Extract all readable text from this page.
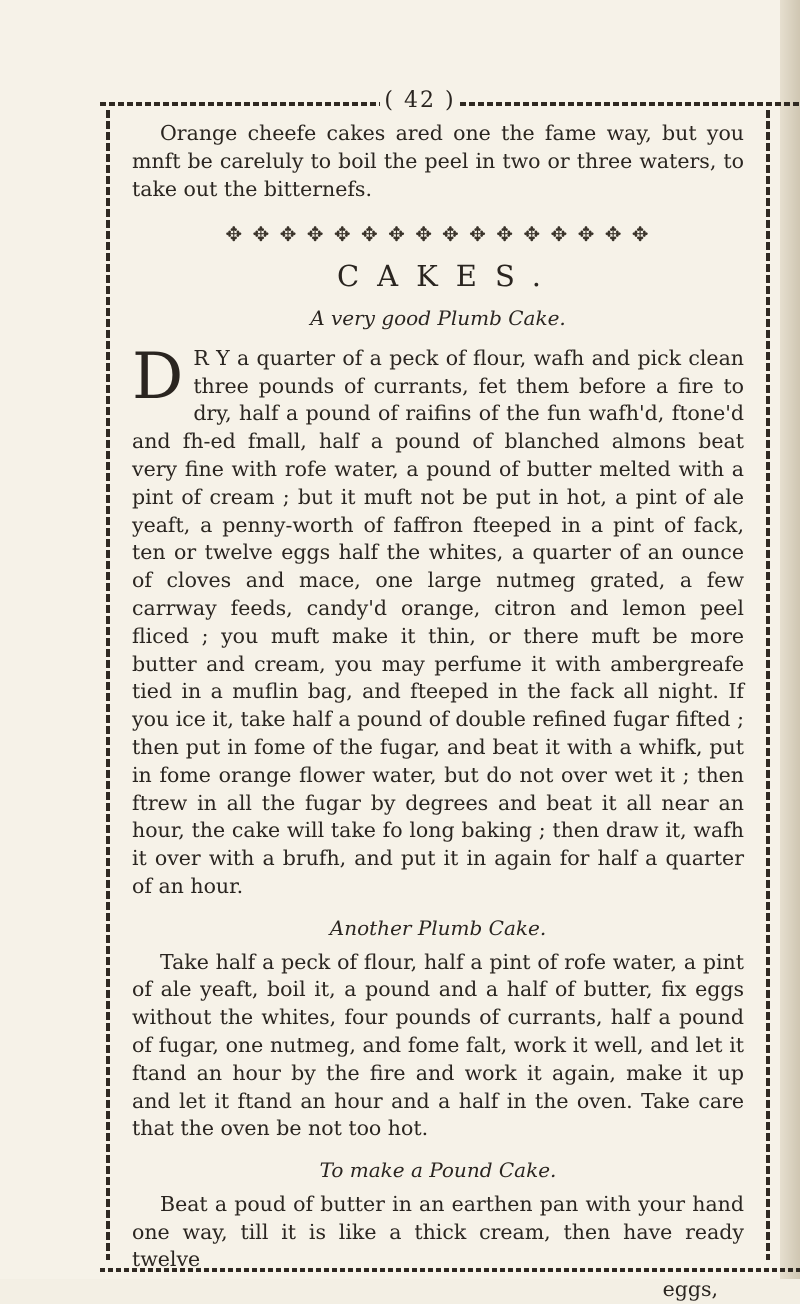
( 42 )

Orange cheefe cakes ared one the fame way, but you mnft be careluly to boil the peel in two or three waters, to take out the bitternefs.

✥ ✥ ✥ ✥ ✥ ✥ ✥ ✥ ✥ ✥ ✥ ✥ ✥ ✥ ✥ ✥
CAKES.
A very good Plumb Cake.

D R Y a quarter of a peck of flour, wafh and pick clean three pounds of currants, fet them before a fire to dry, half a pound of raifins of the fun wafh'd, ftone'd and fh-ed fmall, half a pound of blanched almons beat very fine with rofe water, a pound of butter melted with a pint of cream ; but it muft not be put in hot, a pint of ale yeaft, a penny-worth of faffron fteeped in a pint of fack, ten or twelve eggs half the whites, a quarter of an ounce of cloves and mace, one large nutmeg grated, a few carrway feeds, candy'd orange, citron and lemon peel fliced ; you muft make it thin, or there muft be more butter and cream, you may perfume it with ambergreafe tied in a muflin bag, and fteeped in the fack all night. If you ice it, take half a pound of double refined fugar fifted ; then put in fome of the fugar, and beat it with a whifk, put in fome orange flower water, but do not over wet it ; then ftrew in all the fugar by degrees and beat it all near an hour, the cake will take fo long baking ; then draw it, wafh it over with a brufh, and put it in again for half a quarter of an hour.

Another Plumb Cake.

Take half a peck of flour, half a pint of rofe water, a pint of ale yeaft, boil it, a pound and a half of butter, fix eggs without the whites, four pounds of currants, half a pound of fugar, one nutmeg, and fome falt, work it well, and let it ftand an hour by the fire and work it again, make it up and let it ftand an hour and a half in the oven. Take care that the oven be not too hot.

To make a Pound Cake.

Beat a poud of butter in an earthen pan with your hand one way, till it is like a thick cream, then have ready twelve

eggs,
